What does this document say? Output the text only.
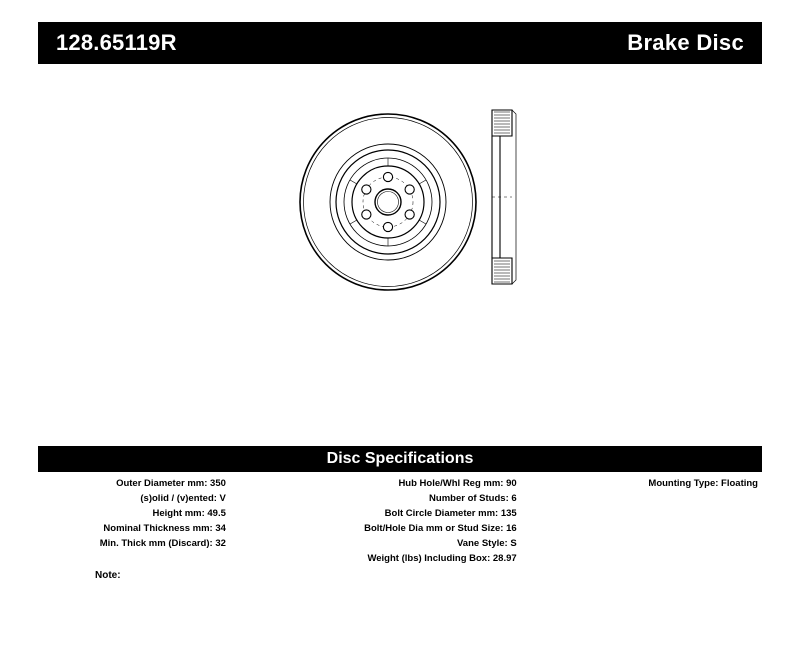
128.65119R	Brake Disc
Disc Specifications
Outer Diameter mm: 350
(s)olid / (v)ented: V
Height mm: 49.5
Nominal Thickness mm: 34
Min. Thick mm (Discard): 32
Hub Hole/Whl Reg mm: 90
Number of Studs: 6
Bolt Circle Diameter mm: 135
Bolt/Hole Dia mm or Stud Size: 16
Vane Style: S
Weight (lbs) Including Box: 28.97
Mounting Type: Floating
Note:
